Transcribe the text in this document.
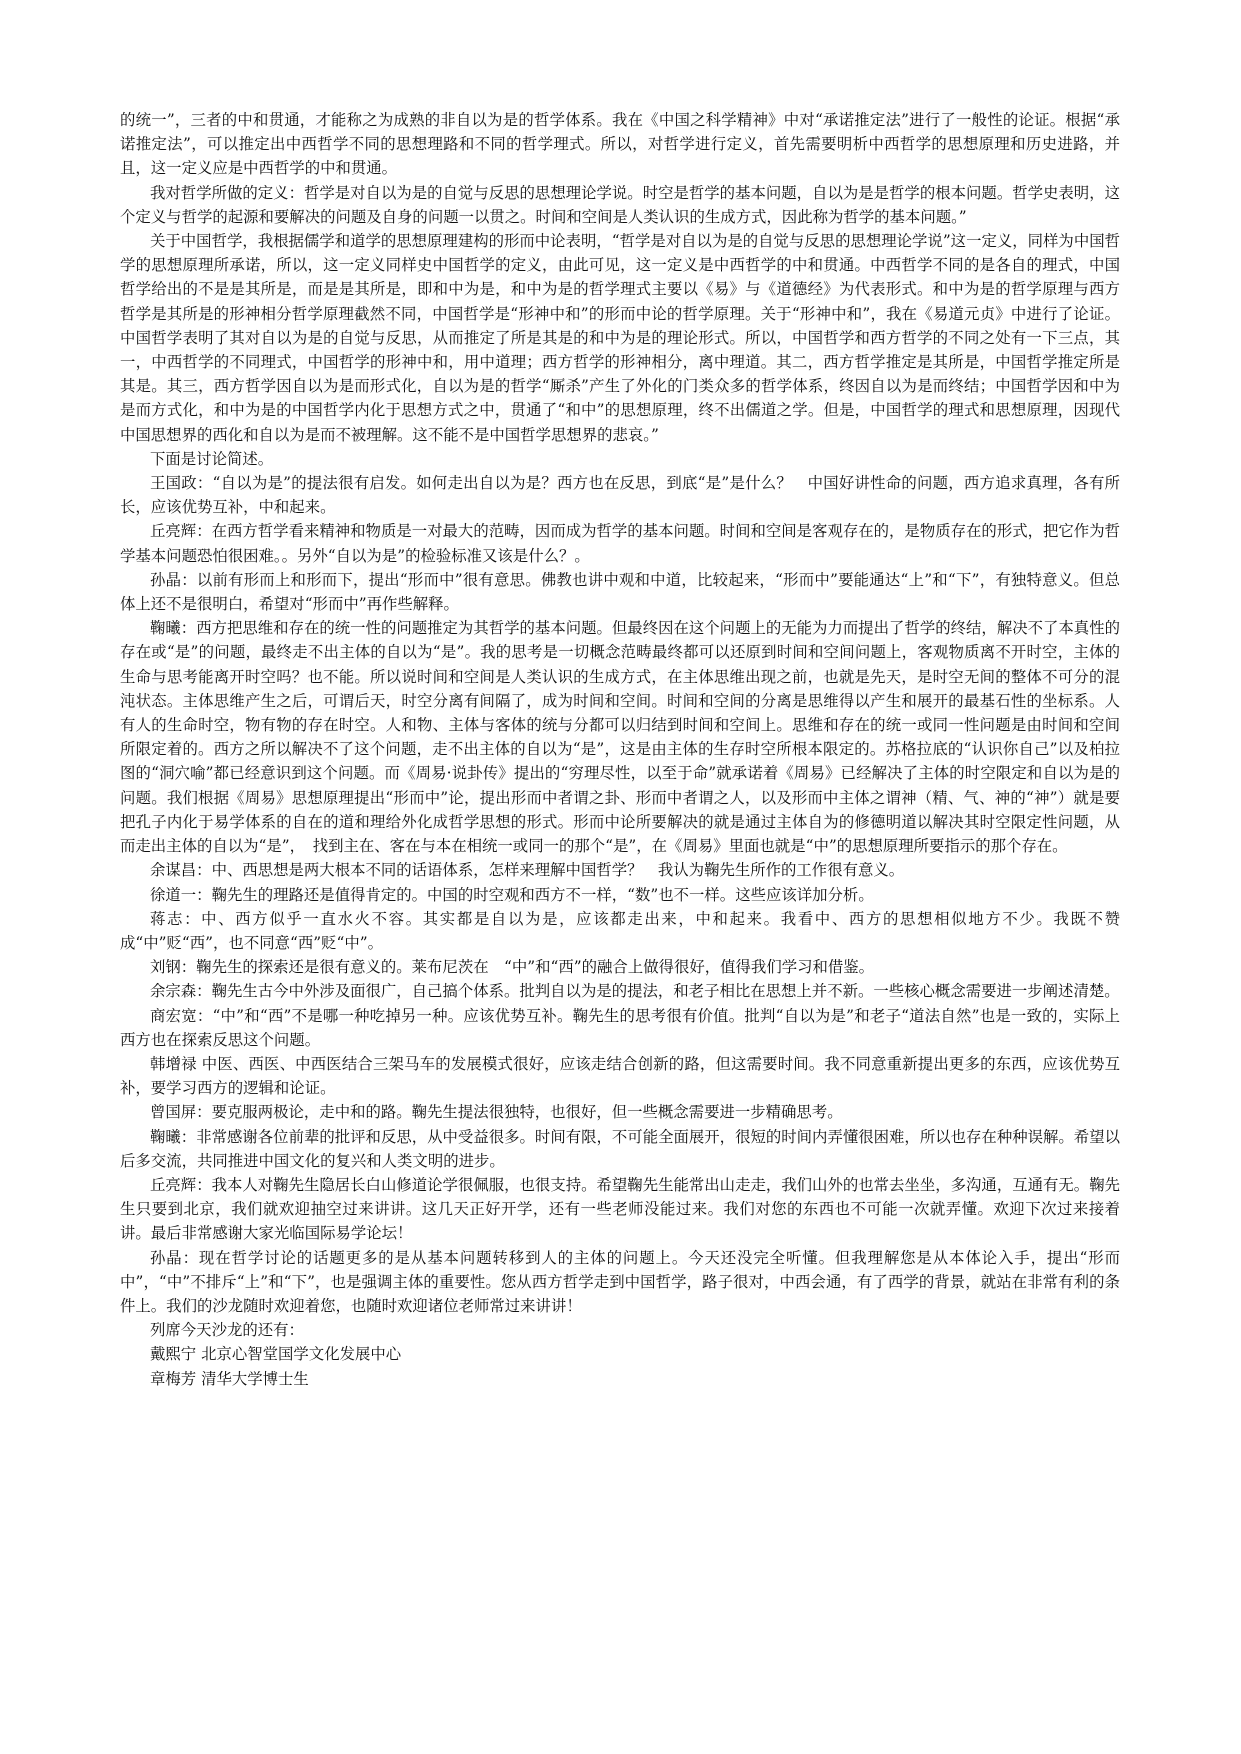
的统一”，三者的中和贯通，才能称之为成熟的非自以为是的哲学体系。我在《中国之科学精神》中对“承诺推定法”进行了一般性的论证。根据“承诺推定法”，可以推定出中西哲学不同的思想理路和不同的哲学理式。所以，对哲学进行定义，首先需要明析中西哲学的思想原理和历史进路，并且，这一定义应是中西哲学的中和贯通。

我对哲学所做的定义：哲学是对自以为是的自觉与反思的思想理论学说。时空是哲学的基本问题，自以为是是哲学的根本问题。哲学史表明，这个定义与哲学的起源和要解决的问题及自身的问题一以贯之。时间和空间是人类认识的生成方式，因此称为哲学的基本问题。”

关于中国哲学，我根据儒学和道学的思想原理建构的形而中论表明，“哲学是对自以为是的自觉与反思的思想理论学说”这一定义，同样为中国哲学的思想原理所承诺，所以，这一定义同样史中国哲学的定义，由此可见，这一定义是中西哲学的中和贯通。中西哲学不同的是各自的理式，中国哲学给出的不是是其所是，而是是其所是，即和中为是，和中为是的哲学理式主要以《易》与《道德经》为代表形式。和中为是的哲学原理与西方哲学是其所是的形神相分哲学原理截然不同，中国哲学是“形神中和”的形而中论的哲学原理。关于“形神中和”，我在《易道元贞》中进行了论证。中国哲学表明了其对自以为是的自觉与反思，从而推定了所是其是的和中为是的理论形式。所以，中国哲学和西方哲学的不同之处有一下三点，其一，中西哲学的不同理式，中国哲学的形神中和，用中道理；西方哲学的形神相分，离中理道。其二，西方哲学推定是其所是，中国哲学推定所是其是。其三，西方哲学因自以为是而形式化，自以为是的哲学“厮杀”产生了外化的门类众多的哲学体系，终因自以为是而终结；中国哲学因和中为是而方式化，和中为是的中国哲学内化于思想方式之中，贯通了“和中”的思想原理，终不出儒道之学。但是，中国哲学的理式和思想原理，因现代中国思想界的西化和自以为是而不被理解。这不能不是中国哲学思想界的悲哀。”

下面是讨论简述。

王国政：“自以为是”的提法很有启发。如何走出自以为是？西方也在反思，到底“是”是什么？　中国好讲性命的问题，西方追求真理，各有所长，应该优势互补，中和起来。

丘亮辉：在西方哲学看来精神和物质是一对最大的范畴，因而成为哲学的基本问题。时间和空间是客观存在的，是物质存在的形式，把它作为哲学基本问题恐怕很困难。。另外“自以为是”的检验标准又该是什么？。

孙晶：以前有形而上和形而下，提出“形而中”很有意思。佛教也讲中观和中道，比较起来，“形而中”要能通达“上”和“下”，有独特意义。但总体上还不是很明白，希望对“形而中”再作些解释。

鞠曦：西方把思维和存在的统一性的问题推定为其哲学的基本问题。但最终因在这个问题上的无能为力而提出了哲学的终结，解决不了本真性的存在或“是”的问题，最终走不出主体的自以为“是”。我的思考是一切概念范畴最终都可以还原到时间和空间问题上，客观物质离不开时空，主体的生命与思考能离开时空吗？也不能。所以说时间和空间是人类认识的生成方式，在主体思维出现之前，也就是先天，是时空无间的整体不可分的混沌状态。主体思维产生之后，可谓后天，时空分离有间隔了，成为时间和空间。时间和空间的分离是思维得以产生和展开的最基石性的坐标系。人有人的生命时空，物有物的存在时空。人和物、主体与客体的统与分都可以归结到时间和空间上。思维和存在的统一或同一性问题是由时间和空间所限定着的。西方之所以解决不了这个问题，走不出主体的自以为“是”，这是由主体的生存时空所根本限定的。苏格拉底的“认识你自己”以及柏拉图的“洞穴喻”都已经意识到这个问题。而《周易·说卦传》提出的“穷理尽性，以至于命”就承诺着《周易》已经解决了主体的时空限定和自以为是的问题。我们根据《周易》思想原理提出“形而中”论，提出形而中者谓之卦、形而中者谓之人，以及形而中主体之谓神（精、气、神的“神”）就是要把孔子内化于易学体系的自在的道和理给外化成哲学思想的形式。形而中论所要解决的就是通过主体自为的修德明道以解决其时空限定性问题，从而走出主体的自以为“是”，　找到主在、客在与本在相统一或同一的那个“是”，在《周易》里面也就是“中”的思想原理所要指示的那个存在。

余谋昌：中、西思想是两大根本不同的话语体系，怎样来理解中国哲学？　我认为鞠先生所作的工作很有意义。

徐道一：鞠先生的理路还是值得肯定的。中国的时空观和西方不一样，“数”也不一样。这些应该详加分析。

蒋志：中、西方似乎一直水火不容。其实都是自以为是，应该都走出来，中和起来。我看中、西方的思想相似地方不少。我既不赞成“中”贬“西”，也不同意“西”贬“中”。

刘钢：鞠先生的探索还是很有意义的。莱布尼茨在　“中”和“西”的融合上做得很好，值得我们学习和借鉴。

余宗森：鞠先生古今中外涉及面很广，自己搞个体系。批判自以为是的提法，和老子相比在思想上并不新。一些核心概念需要进一步阐述清楚。

商宏宽：“中”和“西”不是哪一种吃掉另一种。应该优势互补。鞠先生的思考很有价值。批判“自以为是”和老子“道法自然”也是一致的，实际上西方也在探索反思这个问题。

韩增禄 中医、西医、中西医结合三架马车的发展模式很好，应该走结合创新的路，但这需要时间。我不同意重新提出更多的东西，应该优势互补，要学习西方的逻辑和论证。

曾国屏：要克服两极论，走中和的路。鞠先生提法很独特，也很好，但一些概念需要进一步精确思考。

鞠曦：非常感谢各位前辈的批评和反思，从中受益很多。时间有限，不可能全面展开，很短的时间内弄懂很困难，所以也存在种种误解。希望以后多交流，共同推进中国文化的复兴和人类文明的进步。

丘亮辉：我本人对鞠先生隐居长白山修道论学很佩服，也很支持。希望鞠先生能常出山走走，我们山外的也常去坐坐，多沟通，互通有无。鞠先生只要到北京，我们就欢迎抽空过来讲讲。这几天正好开学，还有一些老师没能过来。我们对您的东西也不可能一次就弄懂。欢迎下次过来接着讲。最后非常感谢大家光临国际易学论坛！

孙晶：现在哲学讨论的话题更多的是从基本问题转移到人的主体的问题上。今天还没完全听懂。但我理解您是从本体论入手，提出“形而中”，“中”不排斥“上”和“下”，也是强调主体的重要性。您从西方哲学走到中国哲学，路子很对，中西会通，有了西学的背景，就站在非常有利的条件上。我们的沙龙随时欢迎着您，也随时欢迎诸位老师常过来讲讲！

列席今天沙龙的还有：

戴熙宁 北京心智堂国学文化发展中心

章梅芳 清华大学博士生
